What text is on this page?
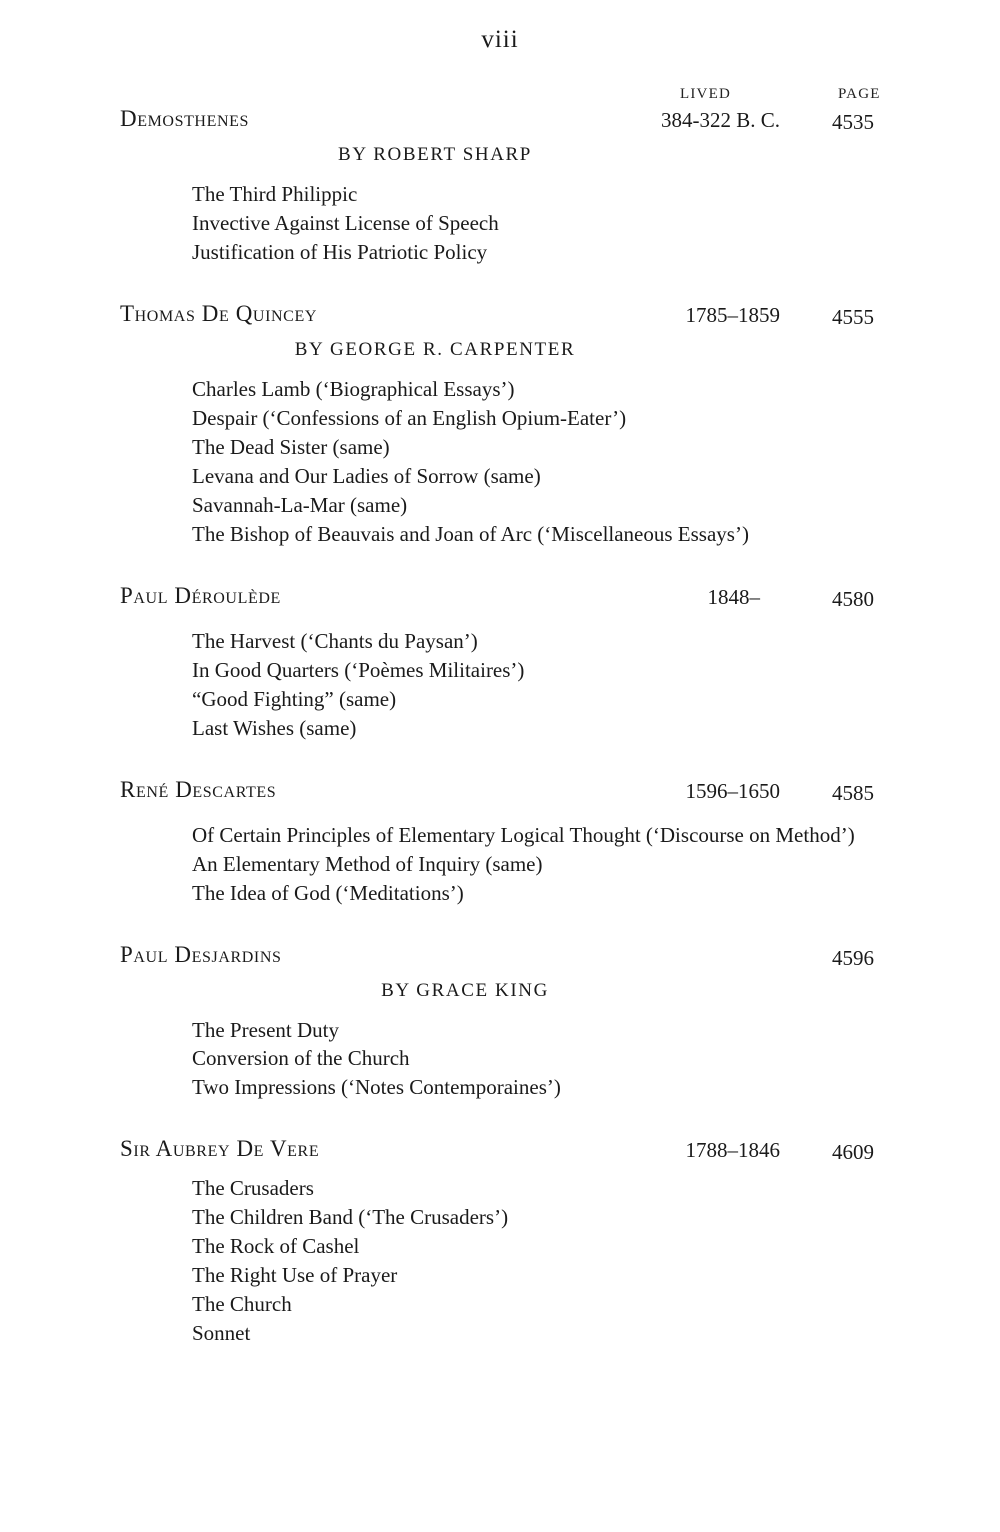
viii
LIVED	PAGE
Demosthenes	384-322 B. C. 4535
BY ROBERT SHARP
The Third Philippic
Invective Against License of Speech
Justification of His Patriotic Policy
Thomas De Quincey	1785–1859 4555
BY GEORGE R. CARPENTER
Charles Lamb (‘Biographical Essays’)
Despair (‘Confessions of an English Opium-Eater’)
The Dead Sister (same)
Levana and Our Ladies of Sorrow (same)
Savannah-La-Mar (same)
The Bishop of Beauvais and Joan of Arc (‘Miscellaneous Essays’)
Paul Déroulède	1848–	4580
The Harvest (‘Chants du Paysan’)
In Good Quarters (‘Poèmes Militaires’)
“Good Fighting” (same)
Last Wishes (same)
René Descartes	1596–1650 4585
Of Certain Principles of Elementary Logical Thought (‘Discourse on Method’)
An Elementary Method of Inquiry (same)
The Idea of God (‘Meditations’)
Paul Desjardins	4596
BY GRACE KING
The Present Duty
Conversion of the Church
Two Impressions (‘Notes Contemporaines’)
Sir Aubrey De Vere	1788–1846 4609
The Crusaders
The Children Band (‘The Crusaders’)
The Rock of Cashel
The Right Use of Prayer
The Church
Sonnet
